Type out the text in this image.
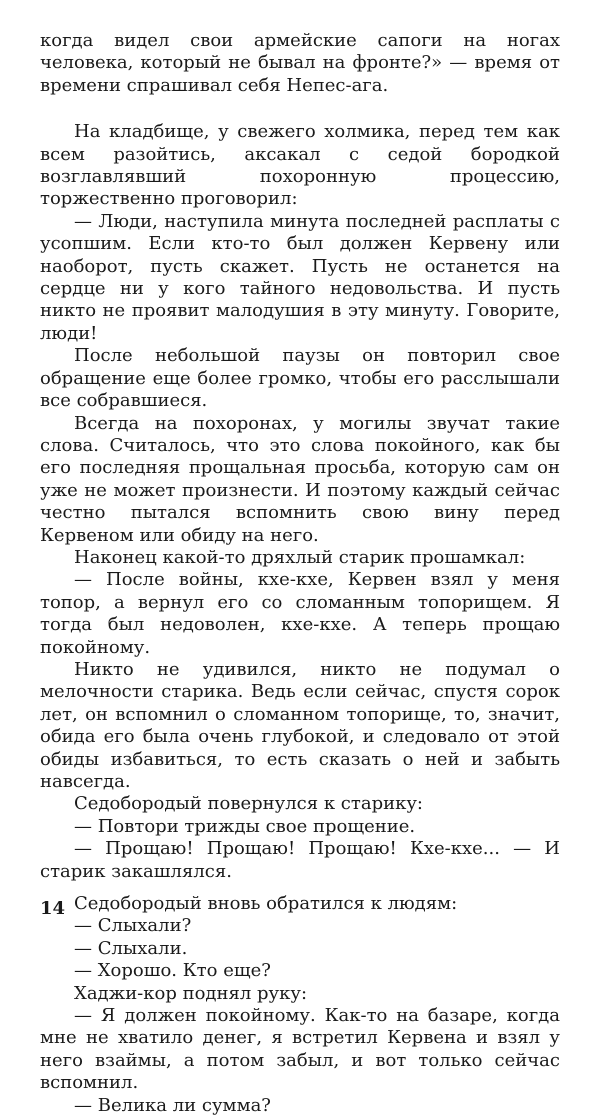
когда видел свои армейские сапоги на ногах человека, который не бывал на фронте?» — время от времени спрашивал себя Непес-ага.

На кладбище, у свежего холмика, перед тем как всем разойтись, аксакал с седой бородкой возглавлявший похоронную процессию, торжественно проговорил:

— Люди, наступила минута последней расплаты с усопшим. Если кто-то был должен Кервену или наоборот, пусть скажет. Пусть не останется на сердце ни у кого тайного недовольства. И пусть никто не проявит малодушия в эту минуту. Говорите, люди!

После небольшой паузы он повторил свое обращение еще более громко, чтобы его расслышали все собравшиеся.

Всегда на похоронах, у могилы звучат такие слова. Считалось, что это слова покойного, как бы его последняя прощальная просьба, которую сам он уже не может произнести. И поэтому каждый сейчас честно пытался вспомнить свою вину перед Кервеном или обиду на него.

Наконец какой-то дряхлый старик прошамкал:

— После войны, кхе-кхе, Кервен взял у меня топор, а вернул его со сломанным топорищем. Я тогда был недоволен, кхе-кхе. А теперь прощаю покойному.

Никто не удивился, никто не подумал о мелочности старика. Ведь если сейчас, спустя сорок лет, он вспомнил о сломанном топорище, то, значит, обида его была очень глубокой, и следовало от этой обиды избавиться, то есть сказать о ней и забыть навсегда.

Седобородый повернулся к старику:

— Повтори трижды свое прощение.

— Прощаю! Прощаю! Прощаю! Кхе-кхе... — И старик закашлялся.

Седобородый вновь обратился к людям:

— Слыхали?

— Слыхали.

— Хорошо. Кто еще?

Хаджи-кор поднял руку:

— Я должен покойному. Как-то на базаре, когда мне не хватило денег, я встретил Кервена и взял у него взаймы, а потом забыл, и вот только сейчас вспомнил.

— Велика ли сумма?

14
